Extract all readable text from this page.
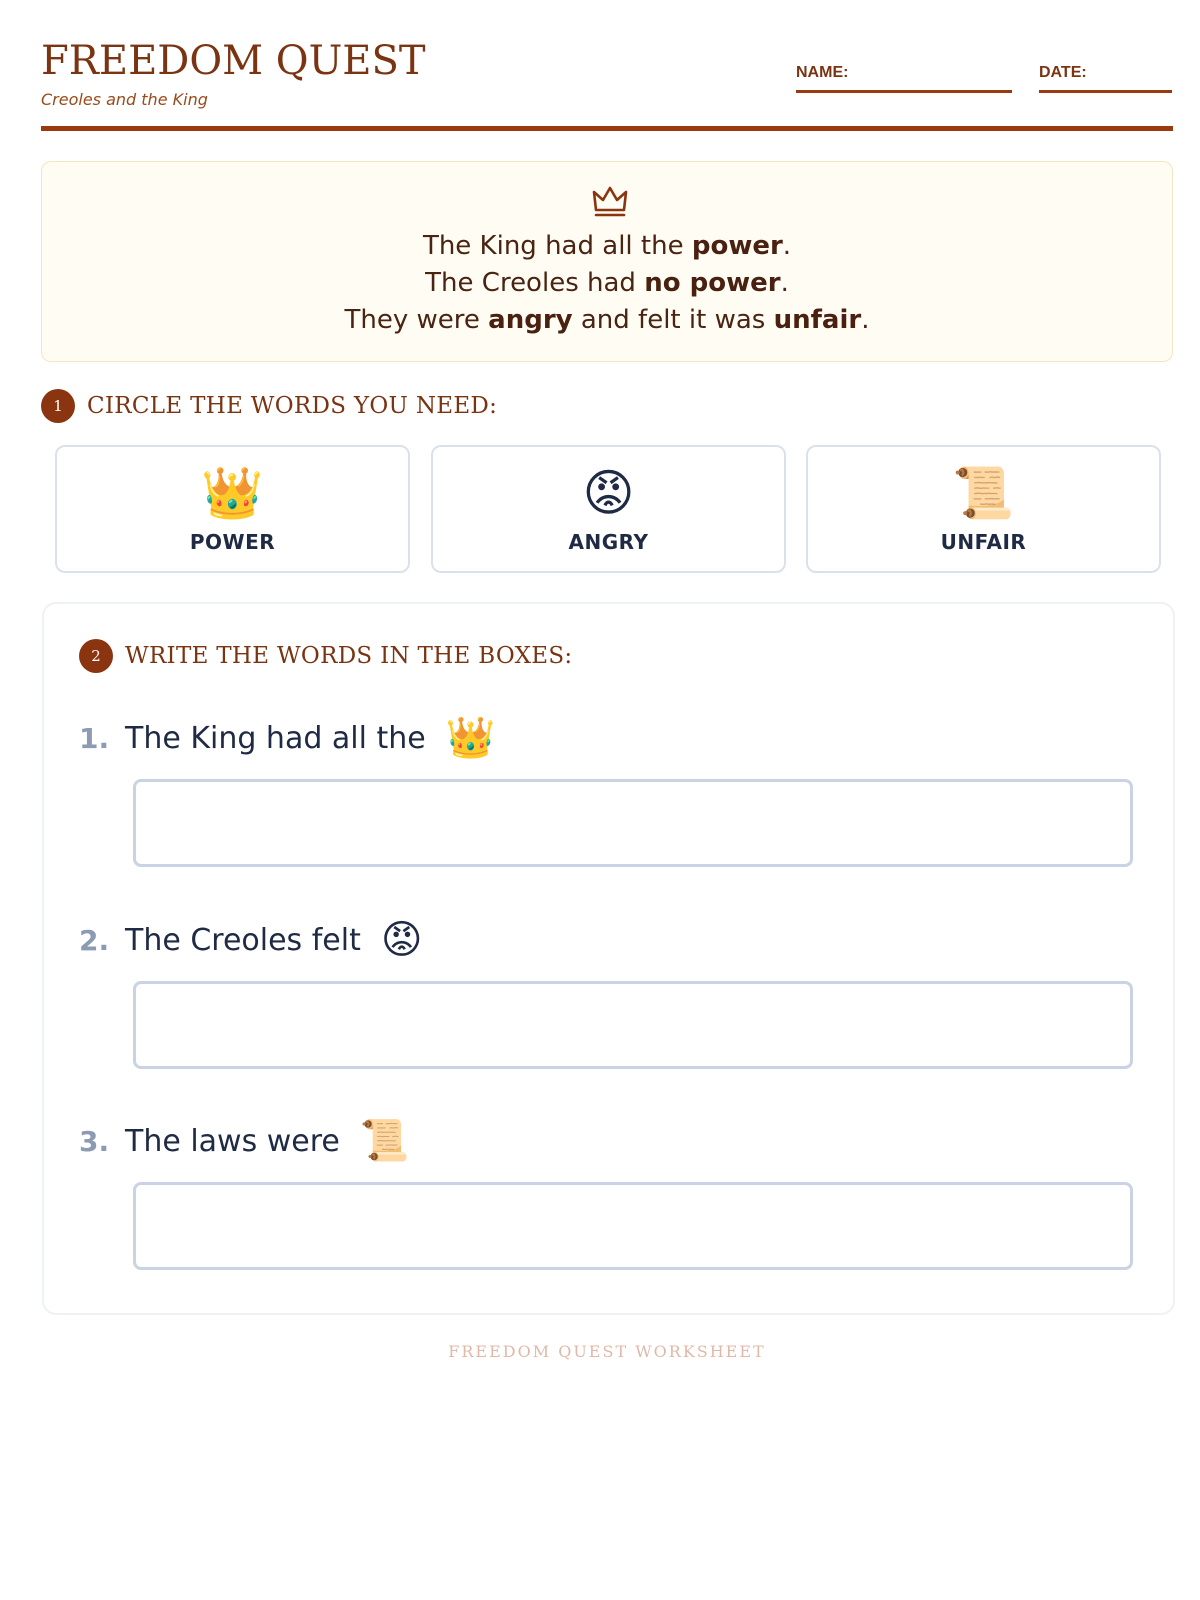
FREEDOM QUEST

Creoles and the King

NAME:	DATE:
The King had all the power.
The Creoles had no power.
They were angry and felt it was unfair.
1	CIRCLE THE WORDS YOU NEED:
👑
POWER
😡
ANGRY
📜
UNFAIR
2	WRITE THE WORDS IN THE BOXES:
1. The King had all the 👑
2. The Creoles felt 😡
3. The laws were 📜
FREEDOM QUEST WORKSHEET
